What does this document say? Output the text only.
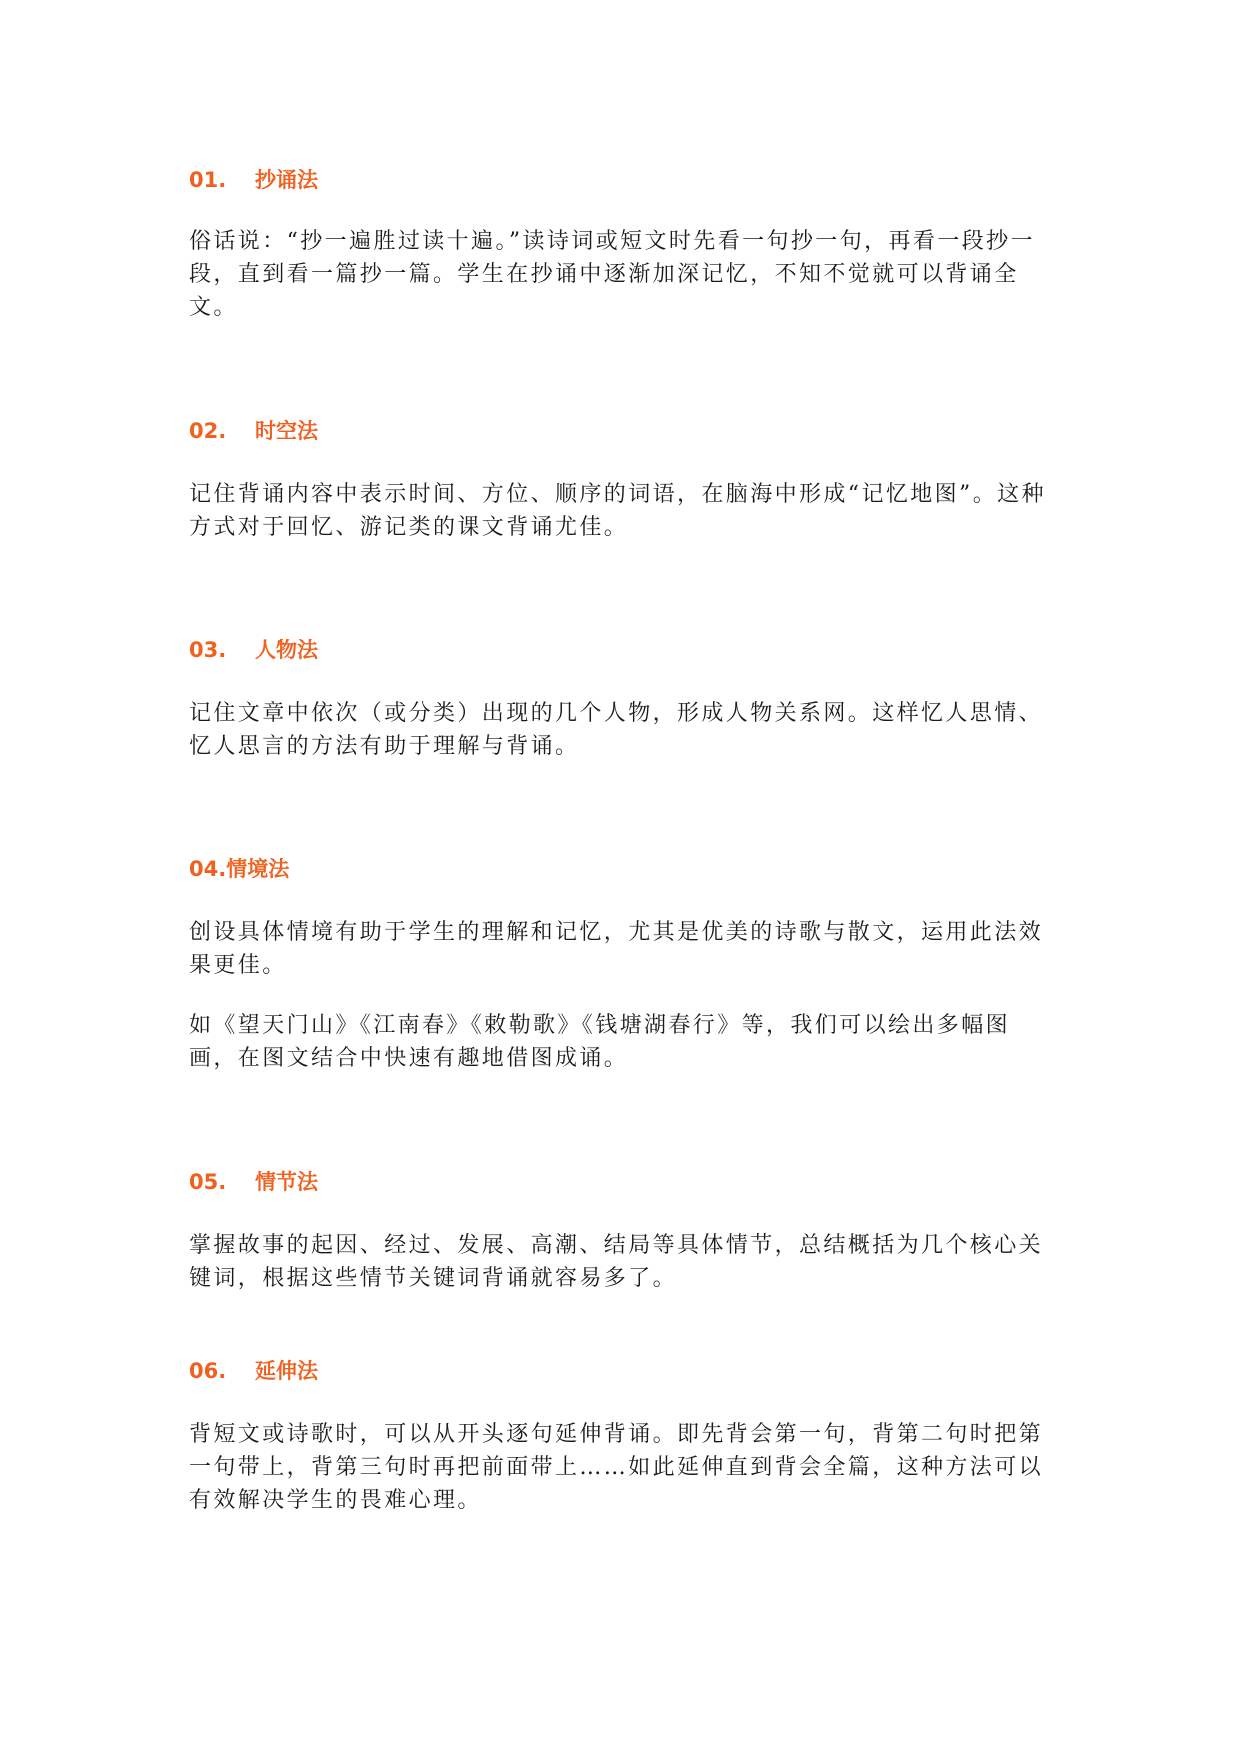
01. 抄诵法

俗话说：“抄一遍胜过读十遍。”读诗词或短文时先看一句抄一句，再看一段抄一段，直到看一篇抄一篇。学生在抄诵中逐渐加深记忆，不知不觉就可以背诵全文。

02. 时空法

记住背诵内容中表示时间、方位、顺序的词语，在脑海中形成“记忆地图”。这种方式对于回忆、游记类的课文背诵尤佳。

03. 人物法

记住文章中依次（或分类）出现的几个人物，形成人物关系网。这样忆人思情、忆人思言的方法有助于理解与背诵。

04.情境法

创设具体情境有助于学生的理解和记忆，尤其是优美的诗歌与散文，运用此法效果更佳。

如《望天门山》《江南春》《敕勒歌》《钱塘湖春行》等，我们可以绘出多幅图画，在图文结合中快速有趣地借图成诵。

05. 情节法

掌握故事的起因、经过、发展、高潮、结局等具体情节，总结概括为几个核心关键词，根据这些情节关键词背诵就容易多了。

06. 延伸法

背短文或诗歌时，可以从开头逐句延伸背诵。即先背会第一句，背第二句时把第一句带上，背第三句时再把前面带上……如此延伸直到背会全篇，这种方法可以有效解决学生的畏难心理。
